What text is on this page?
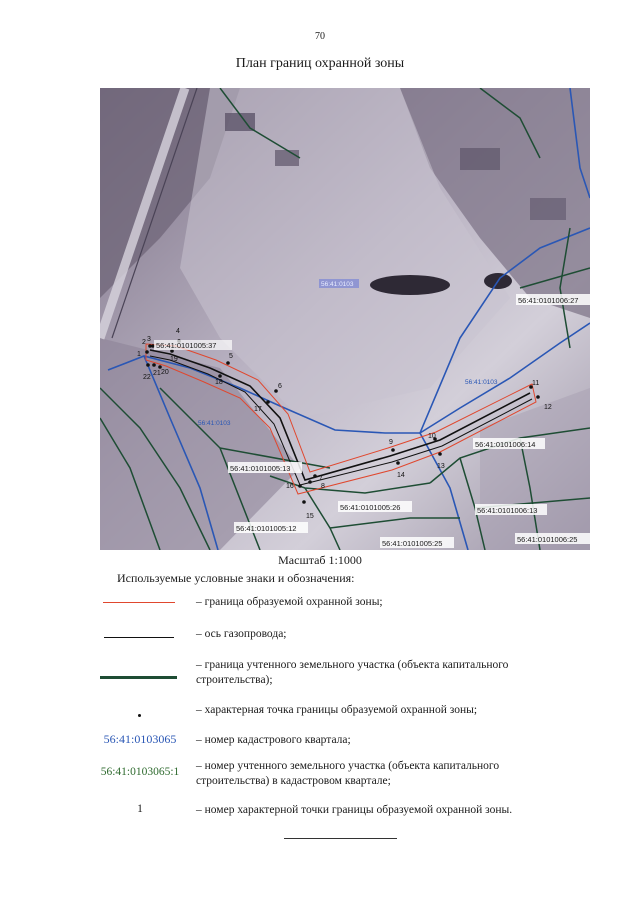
70
План границ охранной зоны
1
2 3
4
5
6
7
8
9
10
11
12
13
14
15
16
17
18
19
20
21
22
56:41:0103
56:41:0103
56:41:0103
56:41:0101006:27
56:41:0101006:14
56:41:0101006:13
56:41:0101006:25
56:41:0101005:37
56:41:0101005:13
56:41:0101005:26
56:41:0101005:12
56:41:0101005:25
Масштаб 1:1000
Используемые условные знаки и обозначения:
– граница образуемой охранной зоны;
– ось газопровода;
– граница учтенного земельного участка (объекта капитального строительства);
– характерная точка границы образуемой охранной зоны;
56:41:0103065	– номер кадастрового квартала;
56:41:0103065:1	– номер учтенного земельного участка (объекта капитального строительства) в кадастровом квартале;
1	– номер характерной точки границы образуемой охранной зоны.
